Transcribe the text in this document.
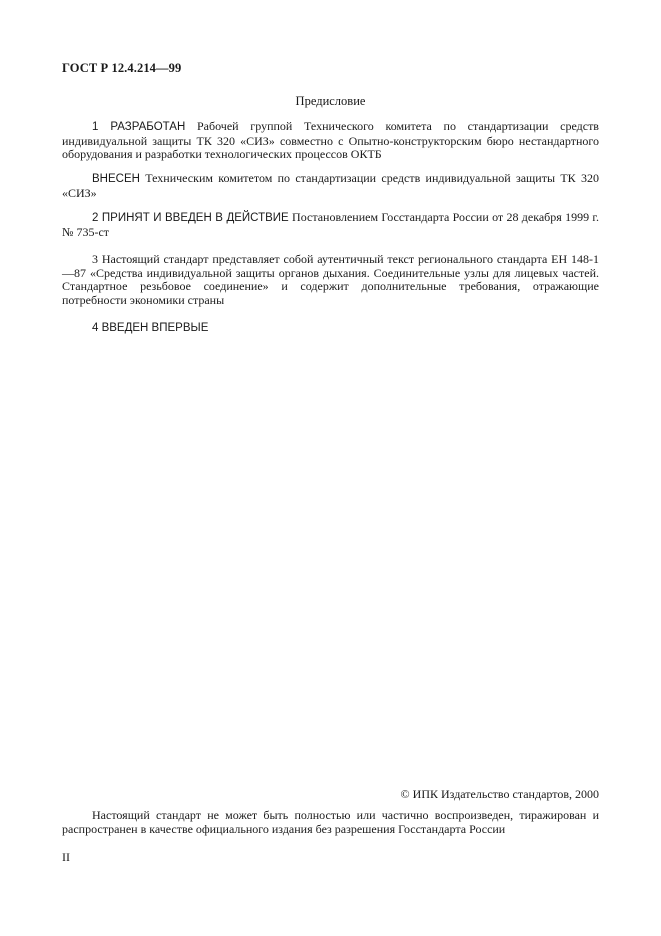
ГОСТ Р 12.4.214—99
Предисловие

1 РАЗРАБОТАН Рабочей группой Технического комитета по стандартизации средств индивидуальной защиты ТК 320 «СИЗ» совместно с Опытно-конструкторским бюро нестандартного оборудования и разработки технологических процессов ОКТБ

ВНЕСЕН Техническим комитетом по стандартизации средств индивидуальной защиты ТК 320 «СИЗ»

2 ПРИНЯТ И ВВЕДЕН В ДЕЙСТВИЕ Постановлением Госстандарта России от 28 декабря 1999 г. № 735-ст

3 Настоящий стандарт представляет собой аутентичный текст регионального стандарта ЕН 148-1—87 «Средства индивидуальной защиты органов дыхания. Соединительные узлы для лицевых частей. Стандартное резьбовое соединение» и содержит дополнительные требования, отражающие потребности экономики страны

4 ВВЕДЕН ВПЕРВЫЕ

© ИПК Издательство стандартов, 2000

Настоящий стандарт не может быть полностью или частично воспроизведен, тиражирован и распространен в качестве официального издания без разрешения Госстандарта России

II
